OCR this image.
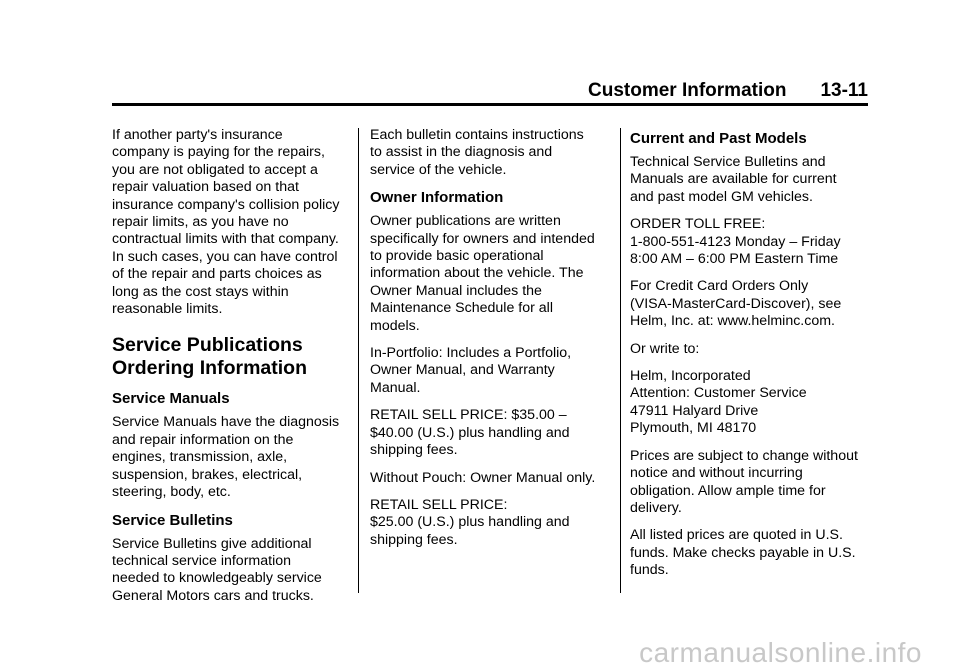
Customer Information 13-11

If another party's insurance
company is paying for the repairs,
you are not obligated to accept a
repair valuation based on that
insurance company's collision policy
repair limits, as you have no
contractual limits with that company.
In such cases, you can have control
of the repair and parts choices as
long as the cost stays within
reasonable limits.

Service Publications
Ordering Information
Service Manuals

Service Manuals have the diagnosis
and repair information on the
engines, transmission, axle,
suspension, brakes, electrical,
steering, body, etc.

Service Bulletins

Service Bulletins give additional
technical service information
needed to knowledgeably service
General Motors cars and trucks.

Each bulletin contains instructions
to assist in the diagnosis and
service of the vehicle.

Owner Information

Owner publications are written
specifically for owners and intended
to provide basic operational
information about the vehicle. The
Owner Manual includes the
Maintenance Schedule for all
models.

In-Portfolio: Includes a Portfolio,
Owner Manual, and Warranty
Manual.

RETAIL SELL PRICE: $35.00 –
$40.00 (U.S.) plus handling and
shipping fees.

Without Pouch: Owner Manual only.

RETAIL SELL PRICE:
$25.00 (U.S.) plus handling and
shipping fees.

Current and Past Models

Technical Service Bulletins and
Manuals are available for current
and past model GM vehicles.

ORDER TOLL FREE:
1-800-551-4123 Monday – Friday
8:00 AM – 6:00 PM Eastern Time

For Credit Card Orders Only
(VISA-MasterCard-Discover), see
Helm, Inc. at: www.helminc.com.

Or write to:

Helm, Incorporated
Attention: Customer Service
47911 Halyard Drive
Plymouth, MI 48170

Prices are subject to change without
notice and without incurring
obligation. Allow ample time for
delivery.

All listed prices are quoted in U.S.
funds. Make checks payable in U.S.
funds.

carmanualsonline.info
